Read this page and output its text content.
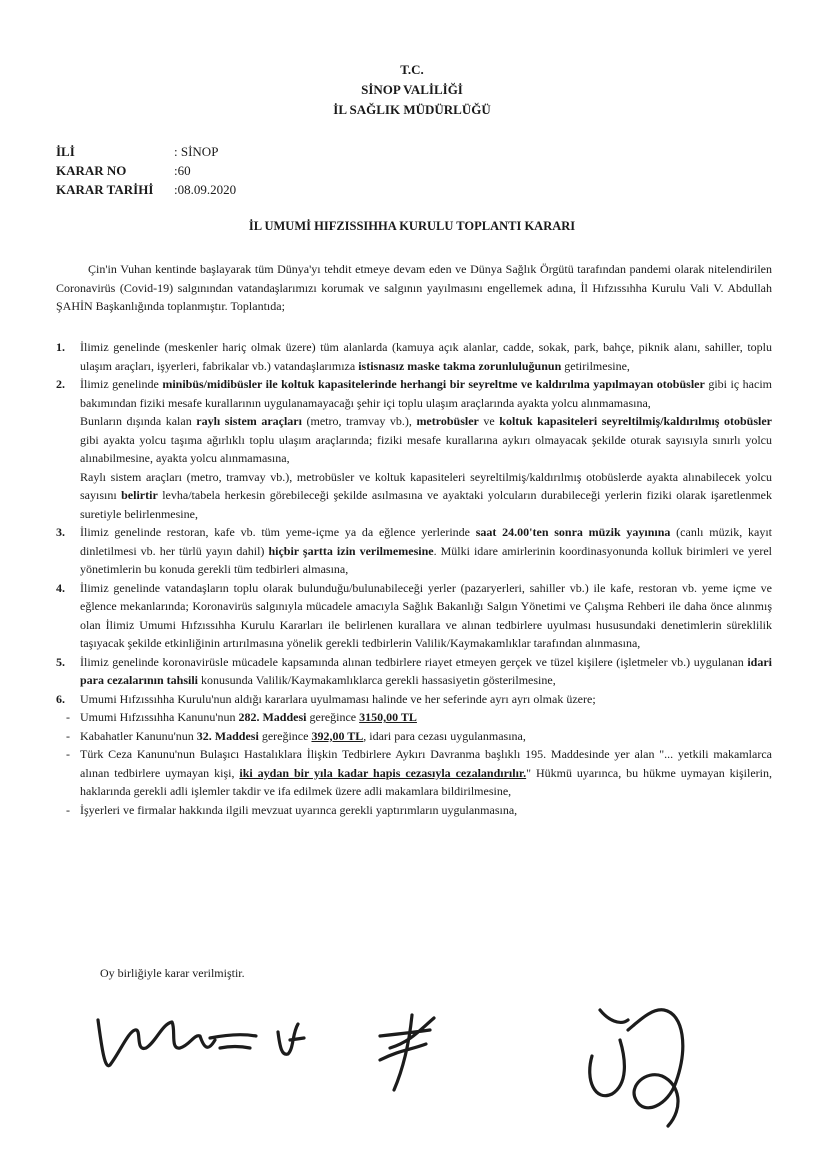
T.C.
SİNOP VALİLİĞİ
İL SAĞLIK MÜDÜRLÜĞÜ
İLİ	: SİNOP
KARAR NO	:60
KARAR TARİHİ	:08.09.2020
İL UMUMİ HIFZISSIHHA KURULU TOPLANTI KARARI
Çin'in Vuhan kentinde başlayarak tüm Dünya'yı tehdit etmeye devam eden ve Dünya Sağlık Örgütü tarafından pandemi olarak nitelendirilen Coronavirüs (Covid-19) salgınından vatandaşlarımızı korumak ve salgının yayılmasını engellemek adına, İl Hıfzıssıhha Kurulu Vali V. Abdullah ŞAHİN Başkanlığında toplanmıştır. Toplantıda;
1.	İlimiz genelinde (meskenler hariç olmak üzere) tüm alanlarda (kamuya açık alanlar, cadde, sokak, park, bahçe, piknik alanı, sahiller, toplu ulaşım araçları, işyerleri, fabrikalar vb.) vatandaşlarımıza istisnasız maske takma zorunluluğunun getirilmesine,
2.	İlimiz genelinde minibüs/midibüsler ile koltuk kapasitelerinde herhangi bir seyreltme ve kaldırılma yapılmayan otobüsler gibi iç hacim bakımından fiziki mesafe kurallarının uygulanamayacağı şehir içi toplu ulaşım araçlarında ayakta yolcu alınmamasına,

Bunların dışında kalan raylı sistem araçları (metro, tramvay vb.), metrobüsler ve koltuk kapasiteleri seyreltilmiş/kaldırılmış otobüsler gibi ayakta yolcu taşıma ağırlıklı toplu ulaşım araçlarında; fiziki mesafe kurallarına aykırı olmayacak şekilde oturak sayısıyla sınırlı yolcu alınabilmesine, ayakta yolcu alınmamasına,

Raylı sistem araçları (metro, tramvay vb.), metrobüsler ve koltuk kapasiteleri seyreltilmiş/kaldırılmış otobüslerde ayakta alınabilecek yolcu sayısını belirtir levha/tabela herkesin görebileceği şekilde asılmasına ve ayaktaki yolcuların durabileceği yerlerin fiziki olarak işaretlenmek suretiyle belirlenmesine,

3.	İlimiz genelinde restoran, kafe vb. tüm yeme-içme ya da eğlence yerlerinde saat 24.00'ten sonra müzik yayınına (canlı müzik, kayıt dinletilmesi vb. her türlü yayın dahil) hiçbir şartta izin verilmemesine. Mülki idare amirlerinin koordinasyonunda kolluk birimleri ve yerel yönetimlerin bu konuda gerekli tüm tedbirleri almasına,
4.	İlimiz genelinde vatandaşların toplu olarak bulunduğu/bulunabileceği yerler (pazaryerleri, sahiller vb.) ile kafe, restoran vb. yeme içme ve eğlence mekanlarında; Koronavirüs salgınıyla mücadele amacıyla Sağlık Bakanlığı Salgın Yönetimi ve Çalışma Rehberi ile daha önce alınmış olan İlimiz Umumi Hıfzıssıhha Kurulu Kararları ile belirlenen kurallara ve alınan tedbirlere uyulması hususundaki denetimlerin süreklilik taşıyacak şekilde etkinliğinin artırılmasına yönelik gerekli tedbirlerin Valilik/Kaymakamlıklar tarafından alınmasına,
5.	İlimiz genelinde koronavirüsle mücadele kapsamında alınan tedbirlere riayet etmeyen gerçek ve tüzel kişilere (işletmeler vb.) uygulanan idari para cezalarının tahsili konusunda Valilik/Kaymakamlıklarca gerekli hassasiyetin gösterilmesine,
6.	Umumi Hıfzıssıhha Kurulu'nun aldığı kararlara uyulmaması halinde ve her seferinde ayrı ayrı olmak üzere;

- Umumi Hıfzıssıhha Kanunu'nun 282. Maddesi gereğince 3150,00 TL
- Kabahatler Kanunu'nun 32. Maddesi gereğince 392,00 TL, idari para cezası uygulanmasına,
- Türk Ceza Kanunu'nun Bulaşıcı Hastalıklara İlişkin Tedbirlere Aykırı Davranma başlıklı 195. Maddesinde yer alan "... yetkili makamlarca alınan tedbirlere uymayan kişi, iki aydan bir yıla kadar hapis cezasıyla cezalandırılır." Hükmü uyarınca, bu hükme uymayan kişilerin, haklarında gerekli adli işlemler takdir ve ifa edilmek üzere adli makamlara bildirilmesine,
- İşyerleri ve firmalar hakkında ilgili mevzuat uyarınca gerekli yaptırımların uygulanmasına,
Oy birliğiyle karar verilmiştir.
